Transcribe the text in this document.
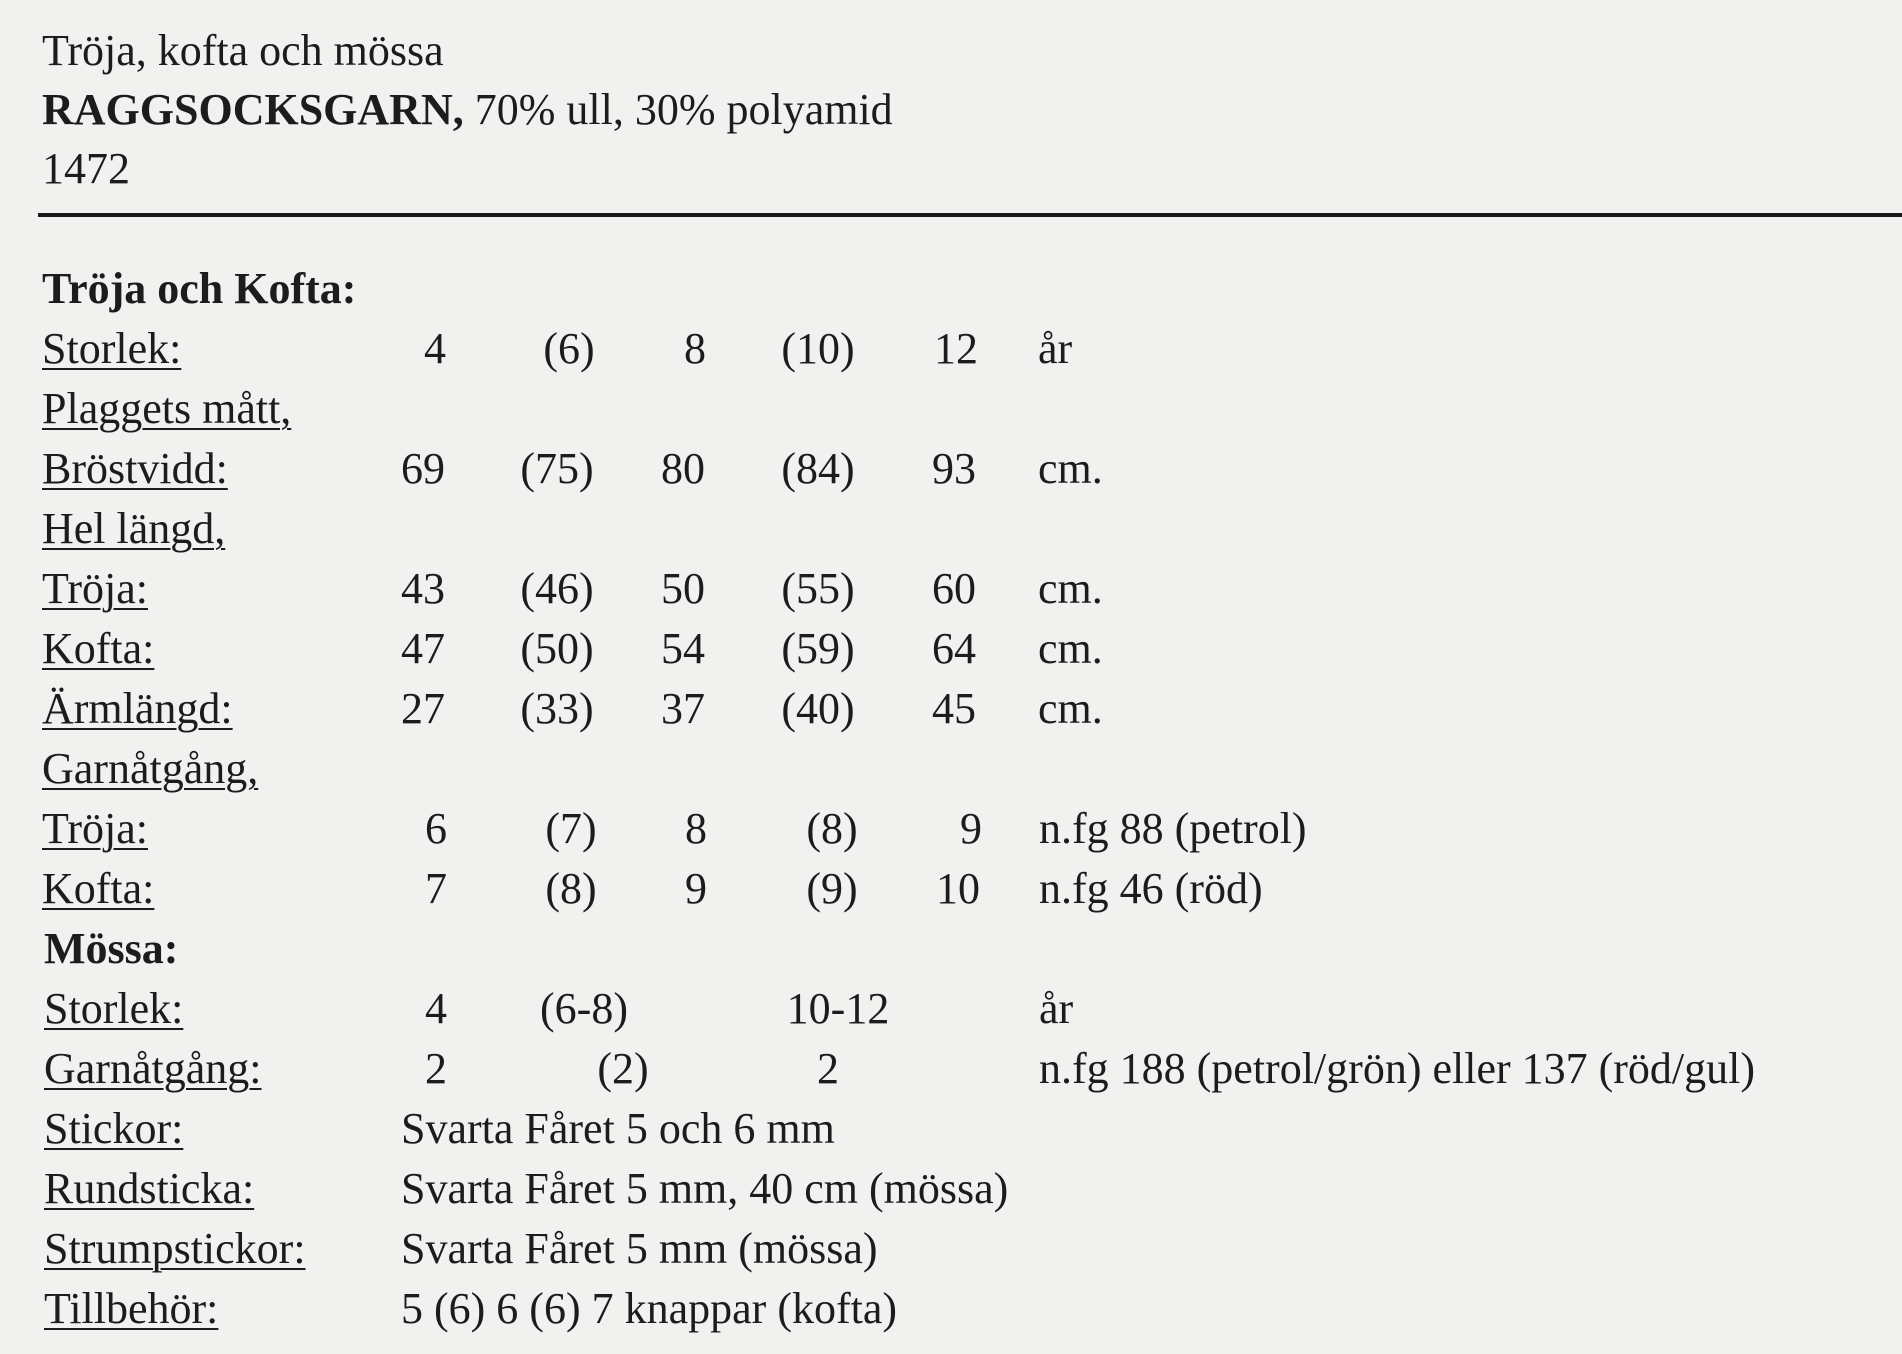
Tröja, kofta och mössa
RAGGSOCKSGARN, 70% ull, 30% polyamid
1472
Tröja och Kofta:
Storlek:	4	(6)	8	(10)	12	år
Plaggets mått,
Bröstvidd:	69	(75)	80	(84)	93	cm.
Hel längd,
Tröja:	43	(46)	50	(55)	60	cm.
Kofta:	47	(50)	54	(59)	64	cm.
Ärmlängd:	27	(33)	37	(40)	45	cm.
Garnåtgång,
Tröja:	6	(7)	8	(8)	9	n.fg 88 (petrol)
Kofta:	7	(8)	9	(9)	10	n.fg 46 (röd)
Mössa:
Storlek:	4	(6-8)	10-12	år
Garnåtgång:	2	(2)	2	n.fg 188 (petrol/grön) eller 137 (röd/gul)
Stickor:	Svarta Fåret 5 och 6 mm
Rundsticka:	Svarta Fåret 5 mm, 40 cm (mössa)
Strumpstickor: Svarta Fåret 5 mm (mössa)
Tillbehör:	5 (6) 6 (6) 7 knappar (kofta)
